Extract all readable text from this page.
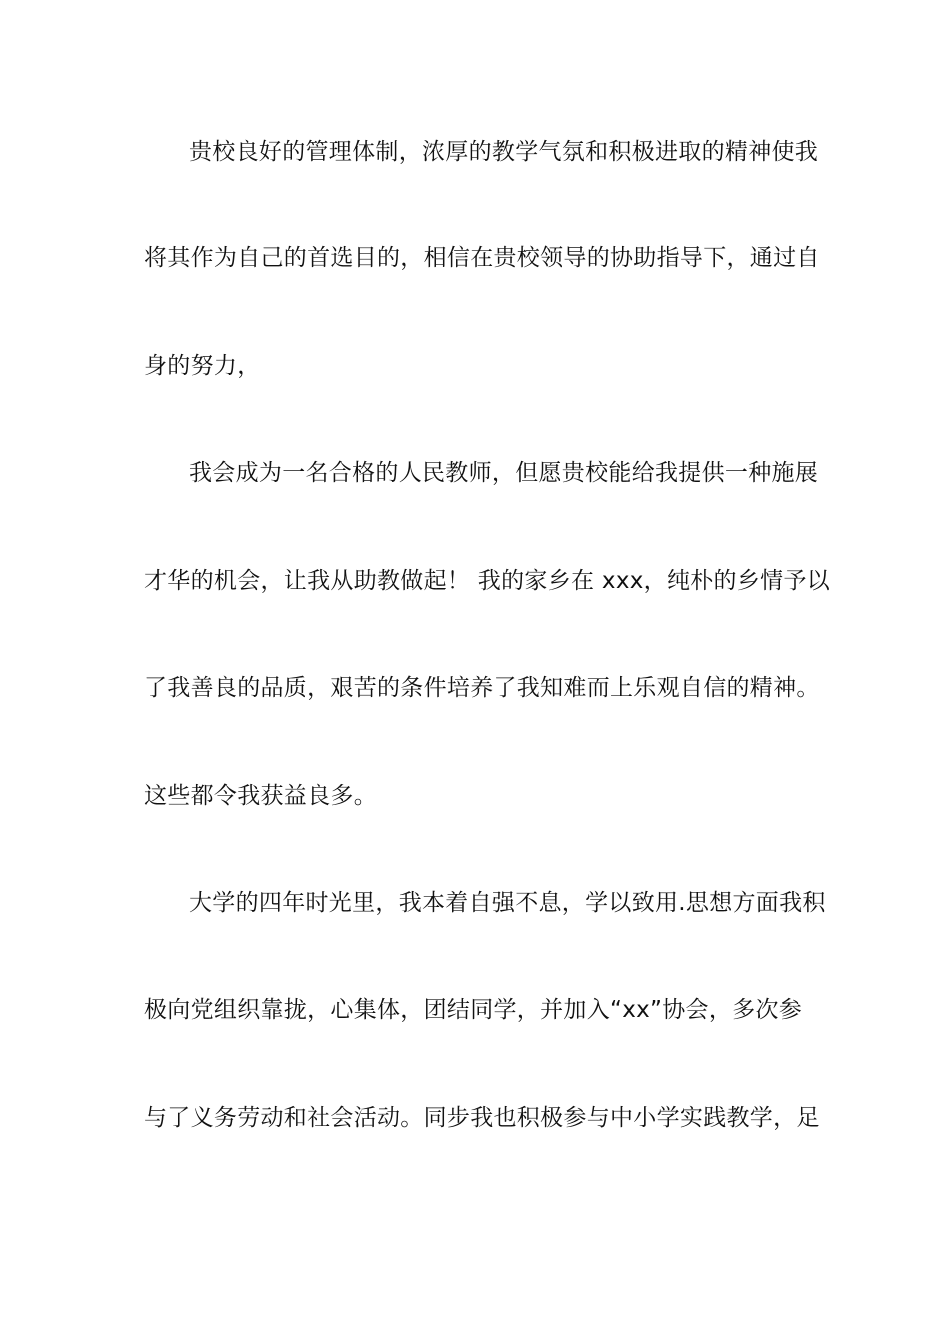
贵校良好的管理体制，浓厚的教学气氛和积极进取的精神使我
将其作为自己的首选目的，相信在贵校领导的协助指导下，通过自
身的努力，
我会成为一名合格的人民教师，但愿贵校能给我提供一种施展
才华的机会，让我从助教做起！ 我的家乡在 xxx，纯朴的乡情予以
了我善良的品质，艰苦的条件培养了我知难而上乐观自信的精神。
这些都令我获益良多。
大学的四年时光里，我本着自强不息，学以致用.思想方面我积
极向党组织靠拢，心集体，团结同学，并加入“xx”协会，多次参
与了义务劳动和社会活动。同步我也积极参与中小学实践教学，足
